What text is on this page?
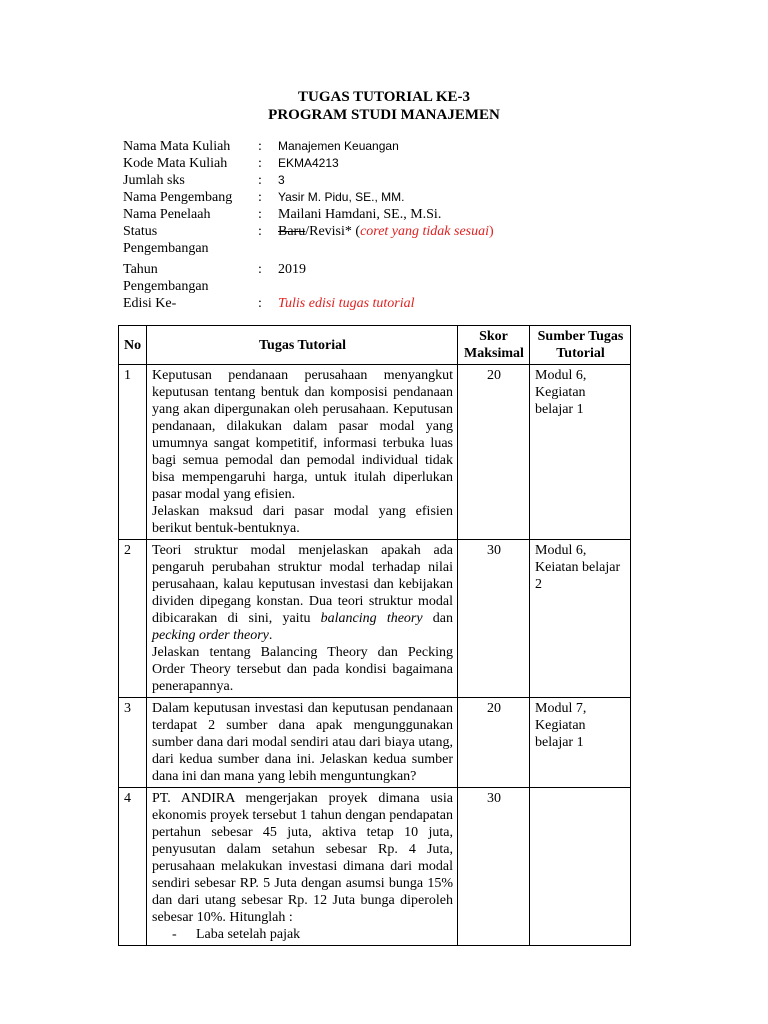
TUGAS TUTORIAL KE-3
PROGRAM STUDI MANAJEMEN
Nama Mata Kuliah	:	Manajemen Keuangan
Kode Mata Kuliah	:	EKMA4213
Jumlah sks	:	3
Nama Pengembang	:	Yasir M. Pidu, SE., MM.
Nama Penelaah	:	Mailani Hamdani, SE., M.Si.
Status	:	Baru/Revisi* (coret yang tidak sesuai)
Pengembangan
Tahun	:	2019
Pengembangan
Edisi Ke-	:	Tulis edisi tugas tutorial
No	Tugas Tutorial	Skor Maksimal	Sumber Tugas Tutorial
1	Keputusan pendanaan perusahaan menyangkut keputusan tentang bentuk dan komposisi pendanaan yang akan dipergunakan oleh perusahaan. Keputusan pendanaan, dilakukan dalam pasar modal yang umumnya sangat kompetitif, informasi terbuka luas bagi semua pemodal dan pemodal individual tidak bisa mempengaruhi harga, untuk itulah diperlukan pasar modal yang efisien.

Jelaskan maksud dari pasar modal yang efisien berikut bentuk-bentuknya.	20	Modul 6, Kegiatan belajar 1
2	Teori struktur modal menjelaskan apakah ada pengaruh perubahan struktur modal terhadap nilai perusahaan, kalau keputusan investasi dan kebijakan dividen dipegang konstan. Dua teori struktur modal dibicarakan di sini, yaitu balancing theory dan pecking order theory.

Jelaskan tentang Balancing Theory dan Pecking Order Theory tersebut dan pada kondisi bagaimana penerapannya.	30	Modul 6, Keiatan belajar 2
3	Dalam keputusan investasi dan keputusan pendanaan terdapat 2 sumber dana apak mengunggunakan sumber dana dari modal sendiri atau dari biaya utang, dari kedua sumber dana ini. Jelaskan kedua sumber dana ini dan mana yang lebih menguntungkan?	20	Modul 7, Kegiatan belajar 1
4	PT. ANDIRA mengerjakan proyek dimana usia ekonomis proyek tersebut 1 tahun dengan pendapatan pertahun sebesar 45 juta, aktiva tetap 10 juta, penyusutan dalam setahun sebesar Rp. 4 Juta, perusahaan melakukan investasi dimana dari modal sendiri sebesar RP. 5 Juta dengan asumsi bunga 15% dan dari utang sebesar Rp. 12 Juta bunga diperoleh sebesar 10%. Hitunglah :

- Laba setelah pajak	30	
